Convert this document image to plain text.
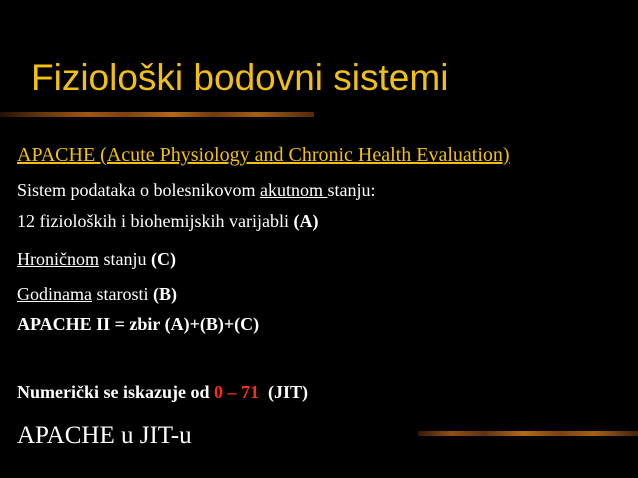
Fiziološki bodovni sistemi
APACHE (Acute Physiology and Chronic Health Evaluation)
Sistem podataka o bolesnikovom akutnom stanju:
12 fizioloških i biohemijskih varijabli (A)
Hroničnom stanju (C)
Godinama starosti (B)
APACHE II = zbir (A)+(B)+(C)
Numerički se iskazuje od 0 – 71 (JIT)
APACHE u JIT-u
